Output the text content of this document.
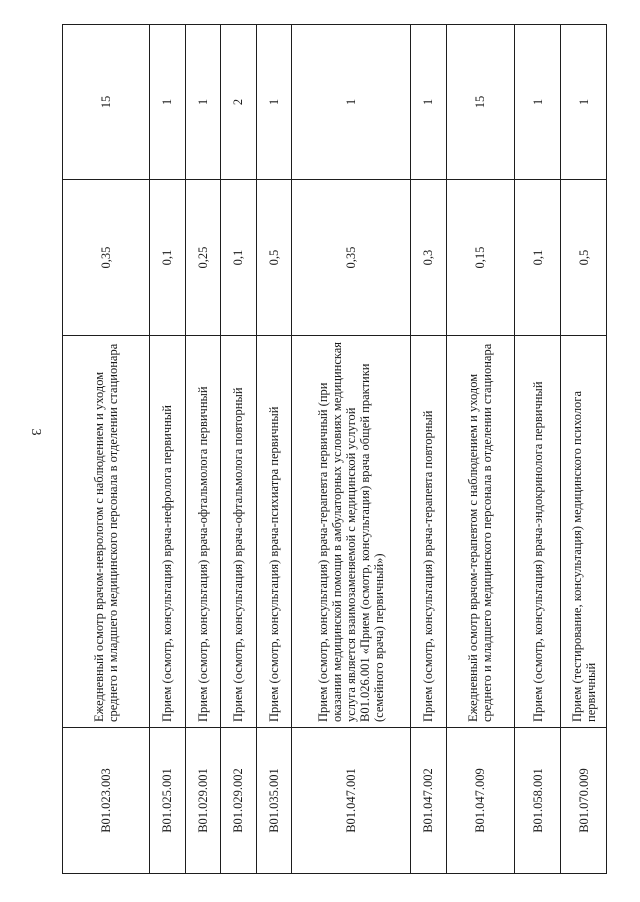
3
B01.023.003	Ежедневный осмотр врачом-неврологом с наблюдением и уходом среднего и младшего медицинского персонала в отделении стационара	0,35	15
B01.025.001	Прием (осмотр, консультация) врача-нефролога первичный	0,1	1
B01.029.001	Прием (осмотр, консультация) врача-офтальмолога первичный	0,25	1
B01.029.002	Прием (осмотр, консультация) врача-офтальмолога повторный	0,1	2
B01.035.001	Прием (осмотр, консультация) врача-психиатра первичный	0,5	1
B01.047.001	Прием (осмотр, консультация) врача-терапевта первичный (при оказании медицинской помощи в амбулаторных условиях медицинская услуга является взаимозаменяемой с медицинской услугой B01.026.001 «Прием (осмотр, консультация) врача общей практики (семейного врача) первичный»)	0,35	1
B01.047.002	Прием (осмотр, консультация) врача-терапевта повторный	0,3	1
B01.047.009	Ежедневный осмотр врачом-терапевтом с наблюдением и уходом среднего и младшего медицинского персонала в отделении стационара	0,15	15
B01.058.001	Прием (осмотр, консультация) врача-эндокринолога первичный	0,1	1
B01.070.009	Прием (тестирование, консультация) медицинского психолога первичный	0,5	1
